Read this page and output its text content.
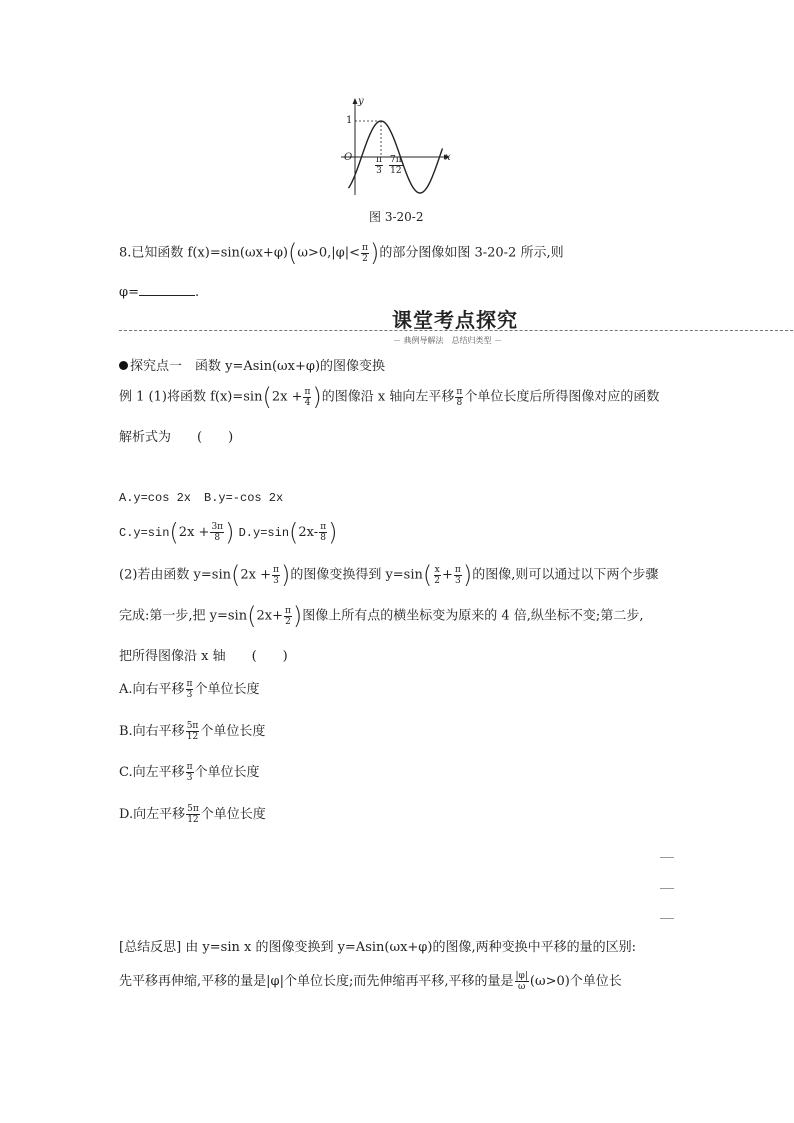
y
x
O
1
$\frac{\pi}{3} \frac{7\pi}{12}$
图 3-20-2
8.已知函数 $f(x)=\sin(\omega x+\varphi)(\omega>0,|\varphi|< \frac{\pi}{2}$ )的部分图像如图 3-20-2 所示,则
φ=	.
课堂考点探究
－ 典例导解法　总结归类型 －
探究点一　函数 y=Asin(ωx+φ)的图像变换
例 1 (1)将函数 $f(x)=\sin(2x + \frac{\pi}{4}$ )的图像沿 x 轴向左平移 $\frac{\pi}{8}$ 个单位长度后所得图像对应的函数
解析式为　　(　　)
A.y=cos 2x B.y=-cos 2x
$C.y=\sin(2x + \frac{3\pi}{8}$ ) $D.y=\sin(2x- \frac{\pi}{8}$ )
(2)若由函数 $y=\sin(2x + \frac{\pi}{3}$ )的图像变换得到 $y=\sin( \frac{x}{2} + \frac{\pi}{3}$ )的图像,则可以通过以下两个步骤
完成:第一步,把 $y=\sin(2x+ \frac{\pi}{2}$ )图像上所有点的横坐标变为原来的 4 倍,纵坐标不变;第二步,
把所得图像沿 x 轴　　(　　)
A.向右平移 $\frac{\pi}{3}$ 个单位长度
B.向右平移 $\frac{5\pi}{12}$ 个单位长度
C.向左平移 $\frac{\pi}{3}$ 个单位长度
D.向左平移 $\frac{5\pi}{12}$ 个单位长度
[总结反思] 由 y=sin x 的图像变换到 y=Asin(ωx+φ)的图像,两种变换中平移的量的区别:
先平移再伸缩,平移的量是|φ|个单位长度;而先伸缩再平移,平移的量是 $\frac{|\varphi|}{\omega} (\omega>0)$个单位长
